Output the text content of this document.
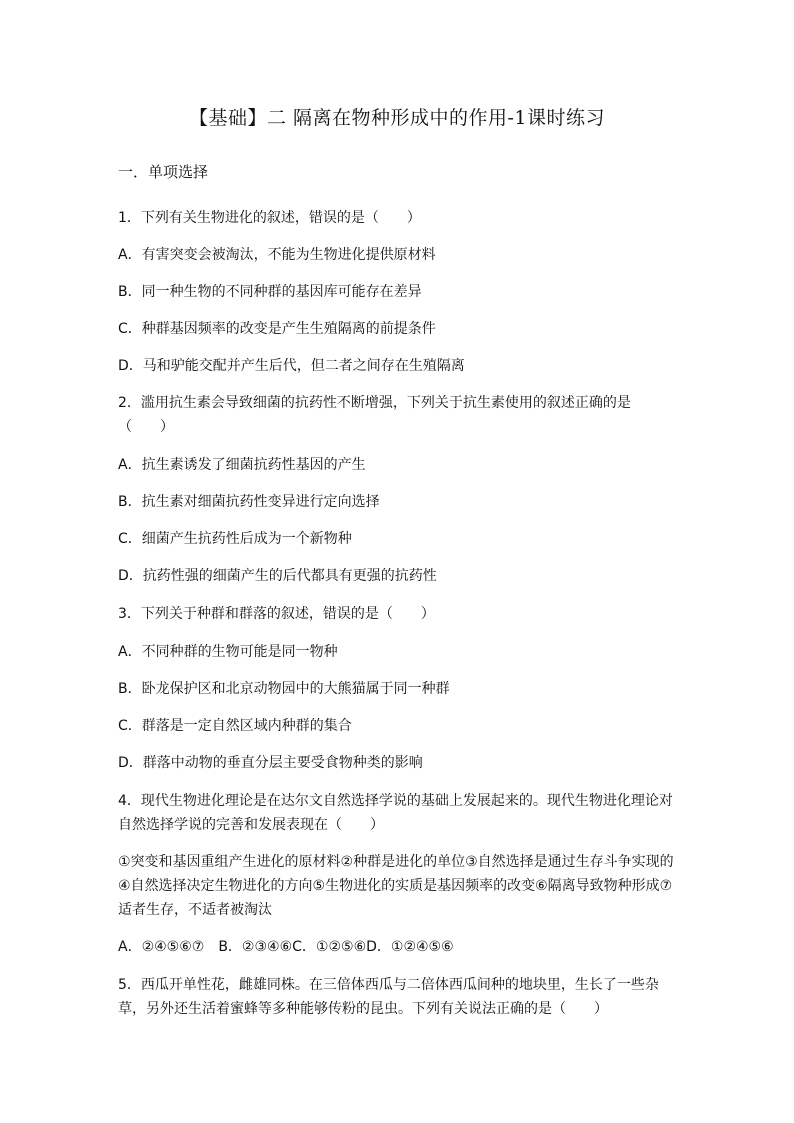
【基础】二 隔离在物种形成中的作用-1课时练习
一．单项选择
1．下列有关生物进化的叙述，错误的是（　　）
A．有害突变会被淘汰，不能为生物进化提供原材料
B．同一种生物的不同种群的基因库可能存在差异
C．种群基因频率的改变是产生生殖隔离的前提条件
D．马和驴能交配并产生后代，但二者之间存在生殖隔离
2．滥用抗生素会导致细菌的抗药性不断增强，下列关于抗生素使用的叙述正确的是（　　）
A．抗生素诱发了细菌抗药性基因的产生
B．抗生素对细菌抗药性变异进行定向选择
C．细菌产生抗药性后成为一个新物种
D．抗药性强的细菌产生的后代都具有更强的抗药性
3．下列关于种群和群落的叙述，错误的是（　　）
A．不同种群的生物可能是同一物种
B．卧龙保护区和北京动物园中的大熊猫属于同一种群
C．群落是一定自然区域内种群的集合
D．群落中动物的垂直分层主要受食物种类的影响
4．现代生物进化理论是在达尔文自然选择学说的基础上发展起来的。现代生物进化理论对自然选择学说的完善和发展表现在（　　）
①突变和基因重组产生进化的原材料②种群是进化的单位③自然选择是通过生存斗争实现的④自然选择决定生物进化的方向⑤生物进化的实质是基因频率的改变⑥隔离导致物种形成⑦适者生存，不适者被淘汰
A．②④⑤⑥⑦　B．②③④⑥C．①②⑤⑥D．①②④⑤⑥
5．西瓜开单性花，雌雄同株。在三倍体西瓜与二倍体西瓜间种的地块里，生长了一些杂草，另外还生活着蜜蜂等多种能够传粉的昆虫。下列有关说法正确的是（　　）
